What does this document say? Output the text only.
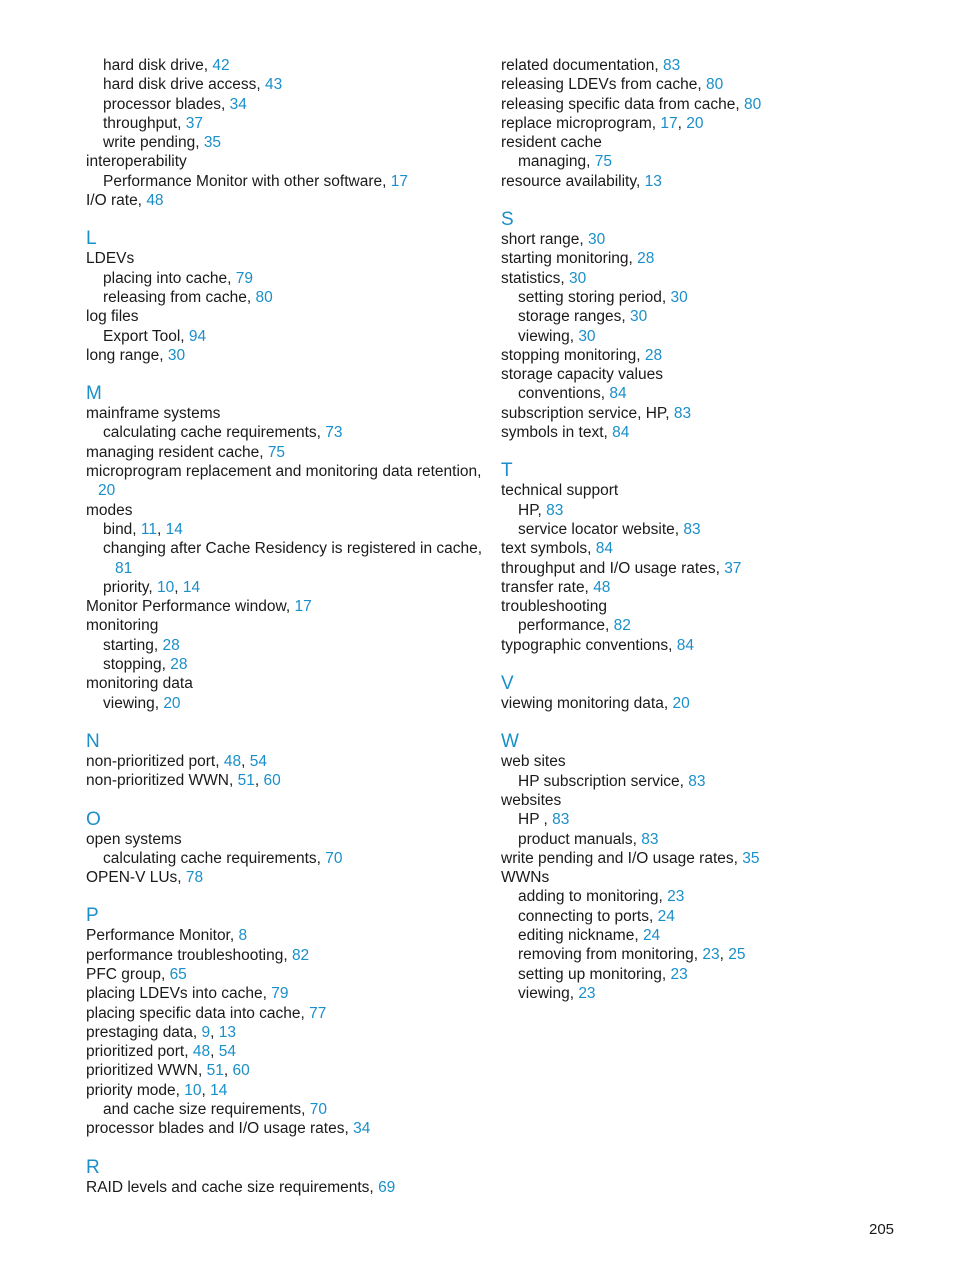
hard disk drive, 42
hard disk drive access, 43
processor blades, 34
throughput, 37
write pending, 35
interoperability
Performance Monitor with other software, 17
I/O rate, 48
L
LDEVs
placing into cache, 79
releasing from cache, 80
log files
Export Tool, 94
long range, 30
M
mainframe systems
calculating cache requirements, 73
managing resident cache, 75
microprogram replacement and monitoring data retention,
20
modes
bind, 11, 14
changing after Cache Residency is registered in cache,
81
priority, 10, 14
Monitor Performance window, 17
monitoring
starting, 28
stopping, 28
monitoring data
viewing, 20
N
non-prioritized port, 48, 54
non-prioritized WWN, 51, 60
O
open systems
calculating cache requirements, 70
OPEN-V LUs, 78
P
Performance Monitor, 8
performance troubleshooting, 82
PFC group, 65
placing LDEVs into cache, 79
placing specific data into cache, 77
prestaging data, 9, 13
prioritized port, 48, 54
prioritized WWN, 51, 60
priority mode, 10, 14
and cache size requirements, 70
processor blades and I/O usage rates, 34
R
RAID levels and cache size requirements, 69
related documentation, 83
releasing LDEVs from cache, 80
releasing specific data from cache, 80
replace microprogram, 17, 20
resident cache
managing, 75
resource availability, 13
S
short range, 30
starting monitoring, 28
statistics, 30
setting storing period, 30
storage ranges, 30
viewing, 30
stopping monitoring, 28
storage capacity values
conventions, 84
subscription service, HP, 83
symbols in text, 84
T
technical support
HP, 83
service locator website, 83
text symbols, 84
throughput and I/O usage rates, 37
transfer rate, 48
troubleshooting
performance, 82
typographic conventions, 84
V
viewing monitoring data, 20
W
web sites
HP subscription service, 83
websites
HP , 83
product manuals, 83
write pending and I/O usage rates, 35
WWNs
adding to monitoring, 23
connecting to ports, 24
editing nickname, 24
removing from monitoring, 23, 25
setting up monitoring, 23
viewing, 23
205
